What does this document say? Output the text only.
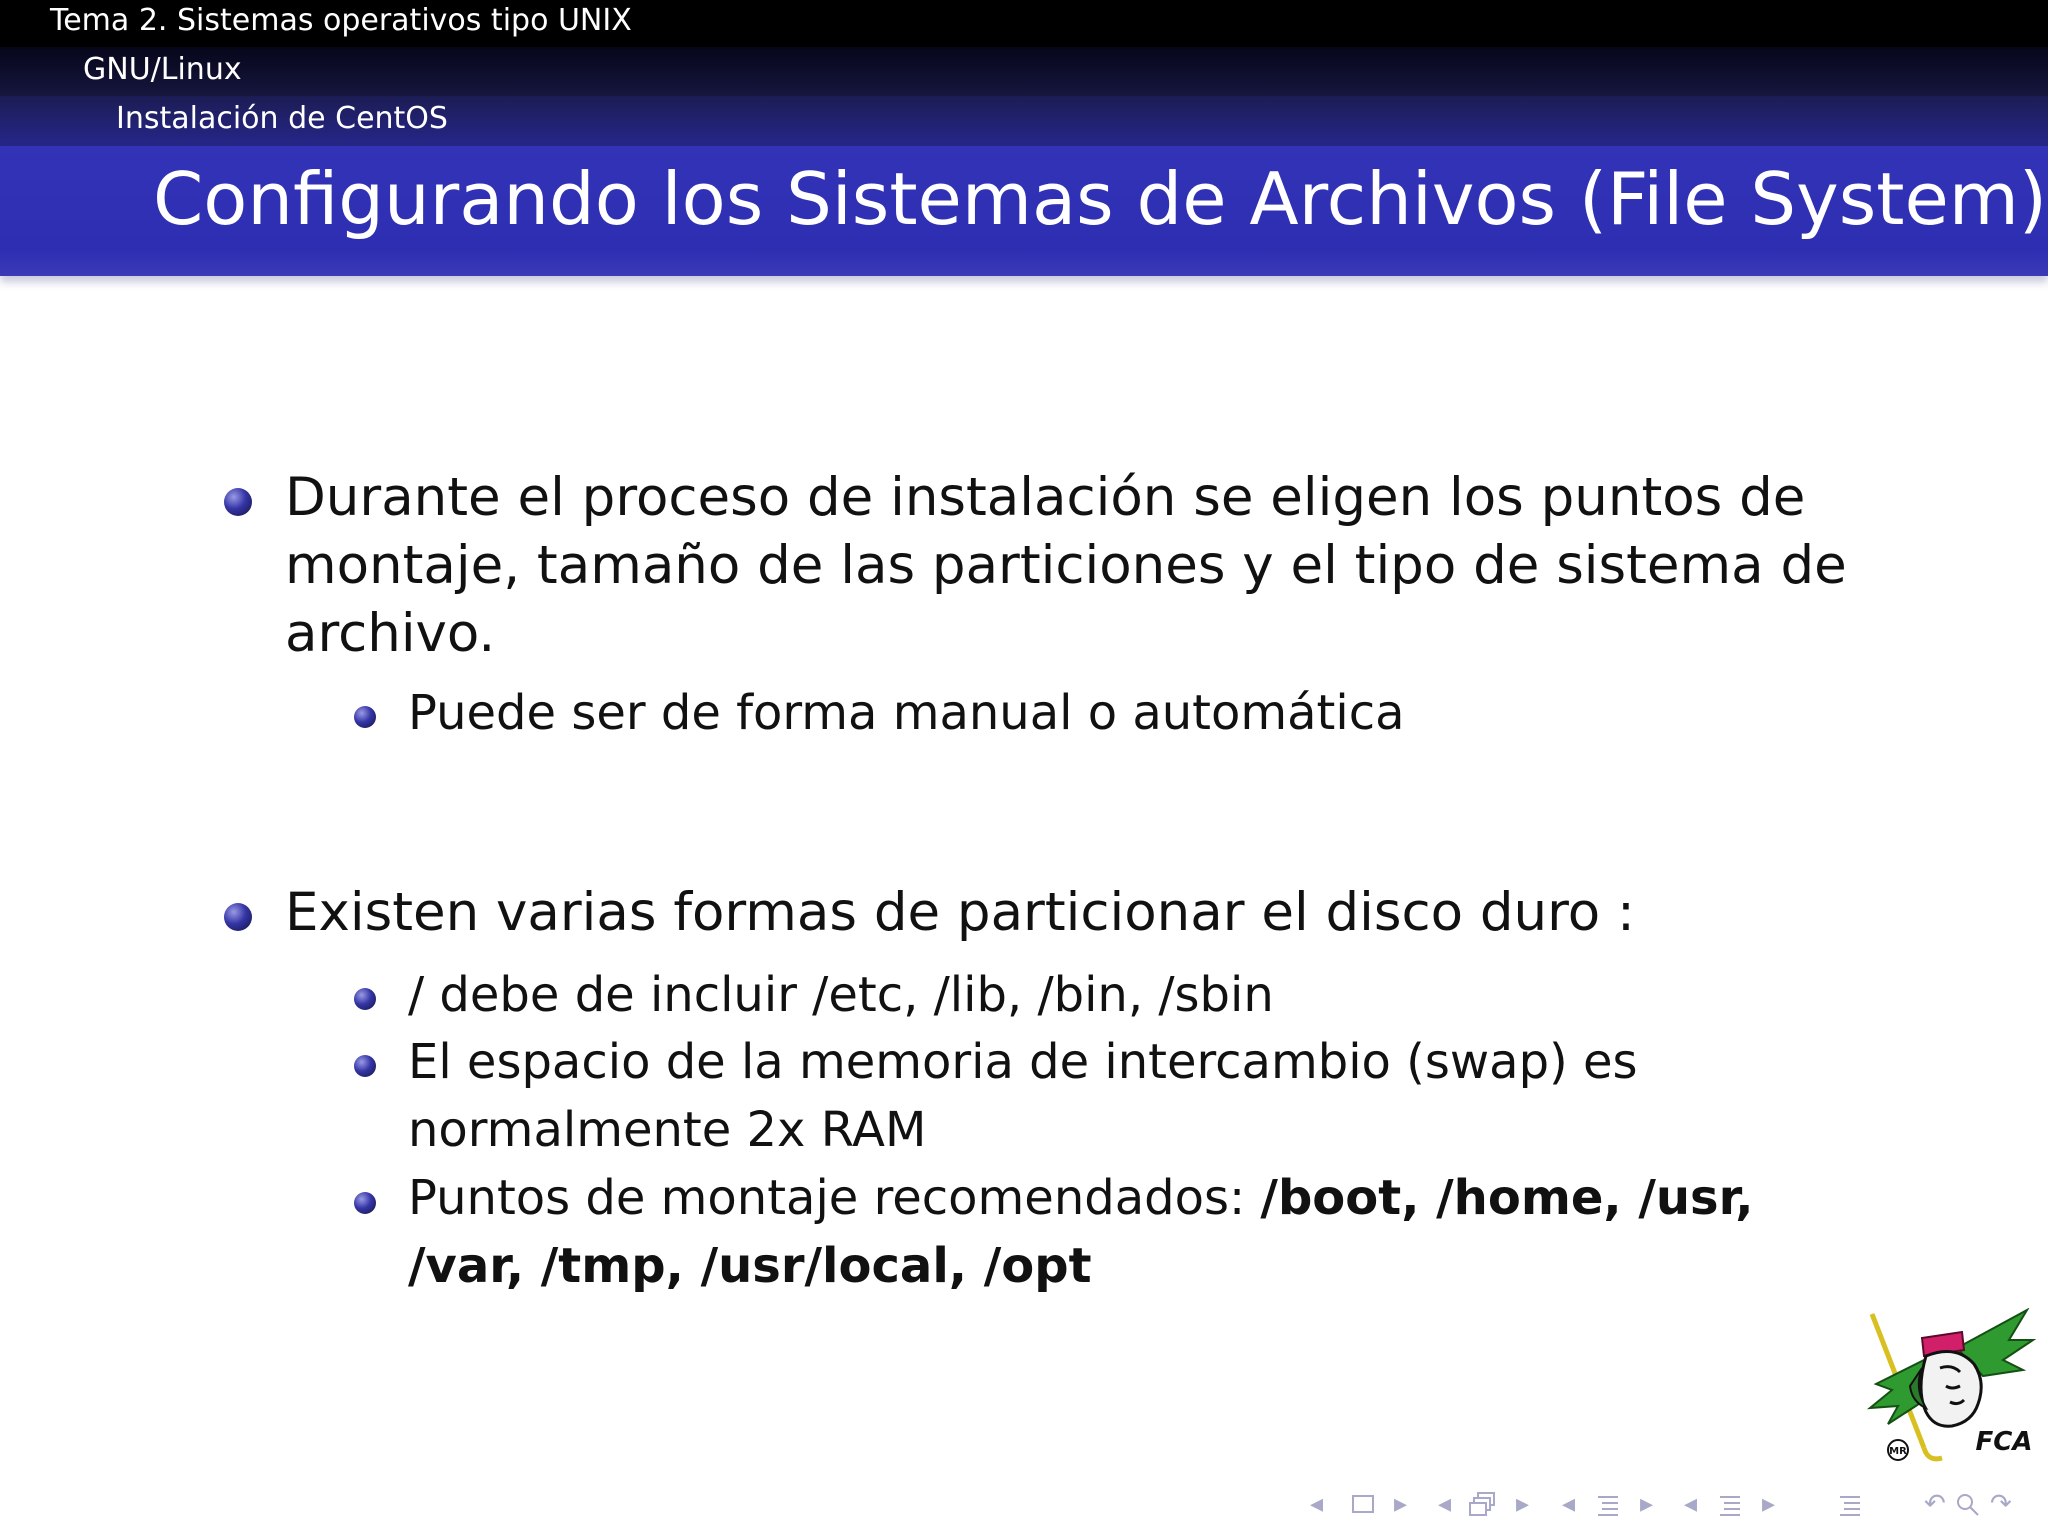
Tema 2. Sistemas operativos tipo UNIX
GNU/Linux
Instalación de CentOS
Configurando los Sistemas de Archivos (File System)
Durante el proceso de instalación se eligen los puntos de
montaje, tamaño de las particiones y el tipo de sistema de
archivo.
Puede ser de forma manual o automática
Existen varias formas de particionar el disco duro :
/ debe de incluir /etc, /lib, /bin, /sbin
El espacio de la memoria de intercambio (swap) es
normalmente 2x RAM
Puntos de montaje recomendados: /boot, /home, /usr,
/var, /tmp, /usr/local, /opt
MR	FCA
◂	▸ ◂ ▸ ◂ ▸ ◂ ▸	↶ ↷
